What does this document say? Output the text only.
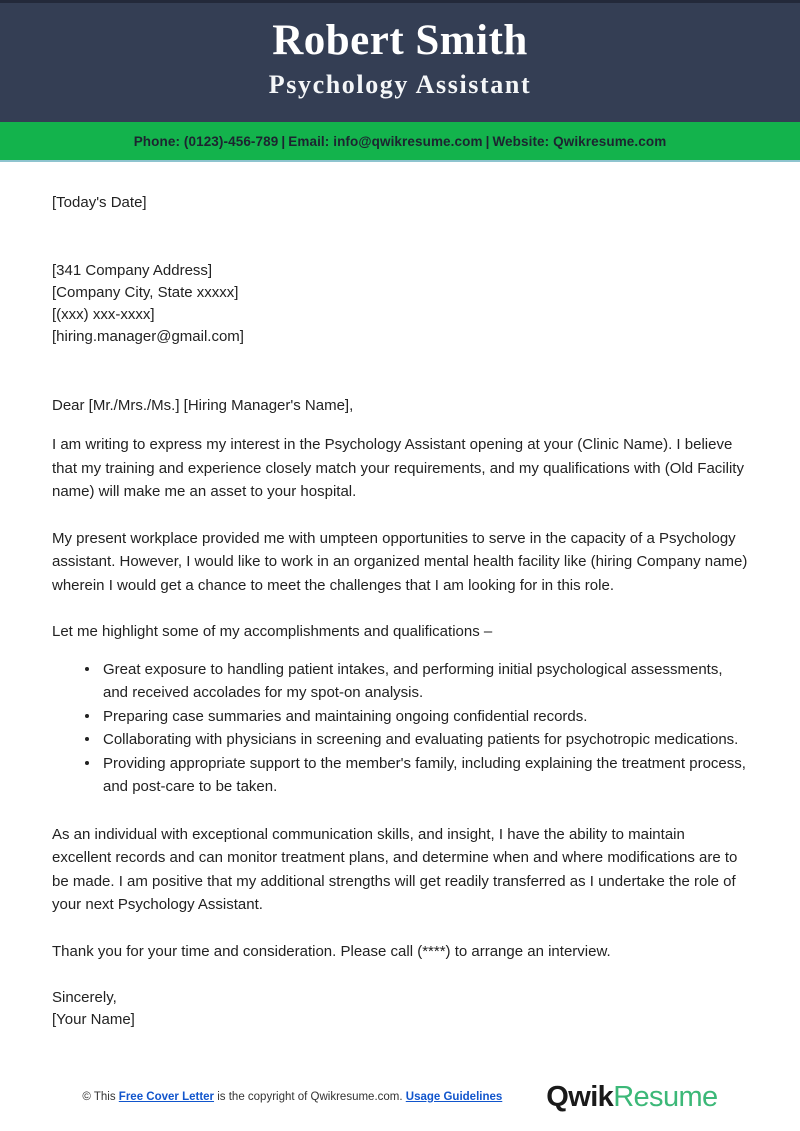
Robert Smith
Psychology Assistant
Phone: (0123)-456-789 | Email: info@qwikresume.com | Website: Qwikresume.com

[Today's Date]

[341 Company Address]

[Company City, State xxxxx]

[(xxx) xxx-xxxx]

[hiring.manager@gmail.com]

Dear [Mr./Mrs./Ms.] [Hiring Manager's Name],

I am writing to express my interest in the Psychology Assistant opening at your (Clinic Name). I believe that my training and experience closely match your requirements, and my qualifications with (Old Facility name) will make me an asset to your hospital.

My present workplace provided me with umpteen opportunities to serve in the capacity of a Psychology assistant. However, I would like to work in an organized mental health facility like (hiring Company name) wherein I would get a chance to meet the challenges that I am looking for in this role.

Let me highlight some of my accomplishments and qualifications –

Great exposure to handling patient intakes, and performing initial psychological assessments, and received accolades for my spot-on analysis.
Preparing case summaries and maintaining ongoing confidential records.
Collaborating with physicians in screening and evaluating patients for psychotropic medications.
Providing appropriate support to the member's family, including explaining the treatment process, and post-care to be taken.

As an individual with exceptional communication skills, and insight, I have the ability to maintain excellent records and can monitor treatment plans, and determine when and where modifications are to be made. I am positive that my additional strengths will get readily transferred as I undertake the role of your next Psychology Assistant.

Thank you for your time and consideration. Please call (****) to arrange an interview.

Sincerely,

[Your Name]

© This Free Cover Letter is the copyright of Qwikresume.com. Usage Guidelines QwikResume
